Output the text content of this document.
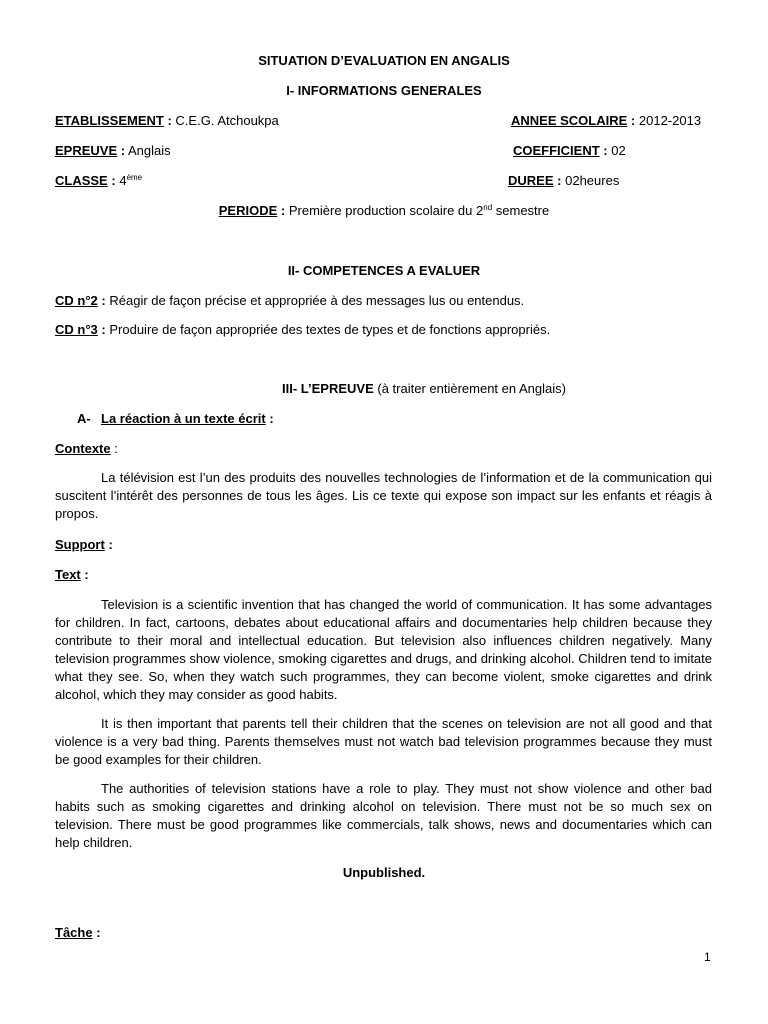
SITUATION D’EVALUATION EN ANGALIS
I- INFORMATIONS GENERALES
ETABLISSEMENT : C.E.G. Atchoukpa	ANNEE SCOLAIRE : 2012-2013
EPREUVE : Anglais	COEFFICIENT : 02
CLASSE : 4ème	DUREE : 02heures
PERIODE : Première production scolaire du 2nd semestre
II- COMPETENCES A EVALUER
CD n°2 : Réagir de façon précise et appropriée à des messages lus ou entendus.
CD n°3 : Produire de façon appropriée des textes de types et de fonctions appropriés.
III- L’EPREUVE (à traiter entièrement en Anglais)
A- La réaction à un texte écrit :
Contexte :
La télévision est l’un des produits des nouvelles technologies de l’information et de la communication qui suscitent l’intérêt des personnes de tous les âges. Lis ce texte qui expose son impact sur les enfants et réagis à propos.
Support :
Text :
Television is a scientific invention that has changed the world of communication. It has some advantages for children. In fact, cartoons, debates about educational affairs and documentaries help children because they contribute to their moral and intellectual education. But television also influences children negatively. Many television programmes show violence, smoking cigarettes and drugs, and drinking alcohol. Children tend to imitate what they see. So, when they watch such programmes, they can become violent, smoke cigarettes and drink alcohol, which they may consider as good habits.
It is then important that parents tell their children that the scenes on television are not all good and that violence is a very bad thing. Parents themselves must not watch bad television programmes because they must be good examples for their children.
The authorities of television stations have a role to play. They must not show violence and other bad habits such as smoking cigarettes and drinking alcohol on television. There must not be so much sex on television. There must be good programmes like commercials, talk shows, news and documentaries which can help children.
Unpublished.
Tâche :
1
